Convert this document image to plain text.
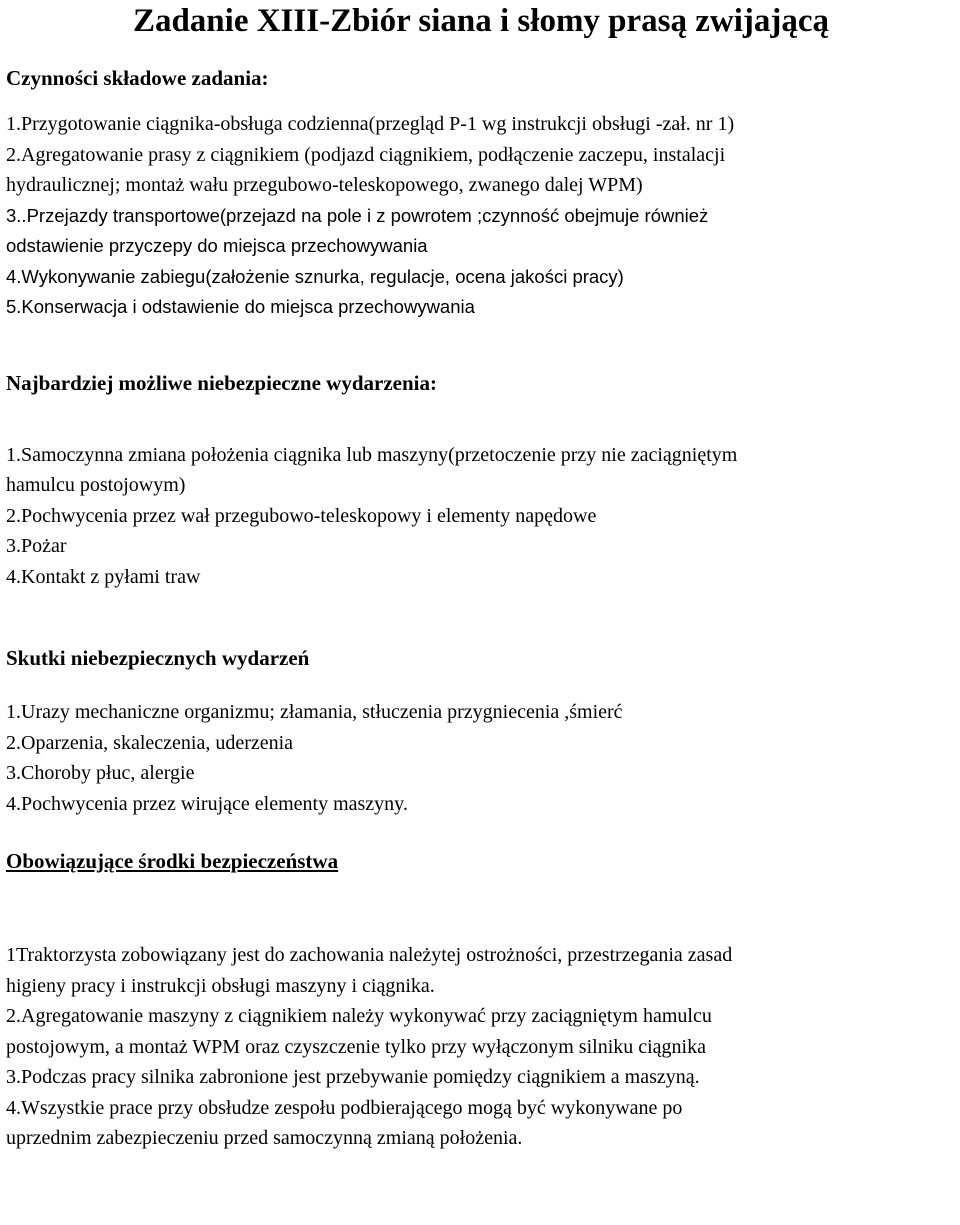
Zadanie XIII-Zbiór siana i słomy prasą zwijającą
Czynności składowe zadania:
1.Przygotowanie ciągnika-obsługa codzienna(przegląd P-1 wg instrukcji obsługi -zał. nr 1)
2.Agregatowanie prasy z ciągnikiem (podjazd ciągnikiem, podłączenie zaczepu, instalacji
hydraulicznej; montaż wału przegubowo-teleskopowego, zwanego dalej WPM)
3..Przejazdy transportowe(przejazd na pole i z powrotem ;czynność obejmuje również
odstawienie przyczepy do miejsca przechowywania
4.Wykonywanie zabiegu(założenie sznurka, regulacje, ocena jakości pracy)
5.Konserwacja i odstawienie do miejsca przechowywania
Najbardziej możliwe niebezpieczne wydarzenia:
1.Samoczynna zmiana położenia ciągnika lub maszyny(przetoczenie przy nie zaciągniętym
hamulcu postojowym)
2.Pochwycenia przez wał przegubowo-teleskopowy i elementy napędowe
3.Pożar
4.Kontakt z pyłami traw
Skutki niebezpiecznych wydarzeń
1.Urazy mechaniczne organizmu; złamania, stłuczenia przygniecenia ,śmierć
2.Oparzenia, skaleczenia, uderzenia
3.Choroby płuc, alergie
4.Pochwycenia przez wirujące elementy maszyny.
Obowiązujące środki bezpieczeństwa
1Traktorzysta zobowiązany jest do zachowania należytej ostrożności, przestrzegania zasad
higieny pracy i instrukcji obsługi maszyny i ciągnika.
2.Agregatowanie maszyny z ciągnikiem należy wykonywać przy zaciągniętym hamulcu
postojowym, a montaż WPM oraz czyszczenie tylko przy wyłączonym silniku ciągnika
3.Podczas pracy silnika zabronione jest przebywanie pomiędzy ciągnikiem a maszyną.
4.Wszystkie prace przy obsłudze zespołu podbierającego mogą być wykonywane po
uprzednim zabezpieczeniu przed samoczynną zmianą położenia.
